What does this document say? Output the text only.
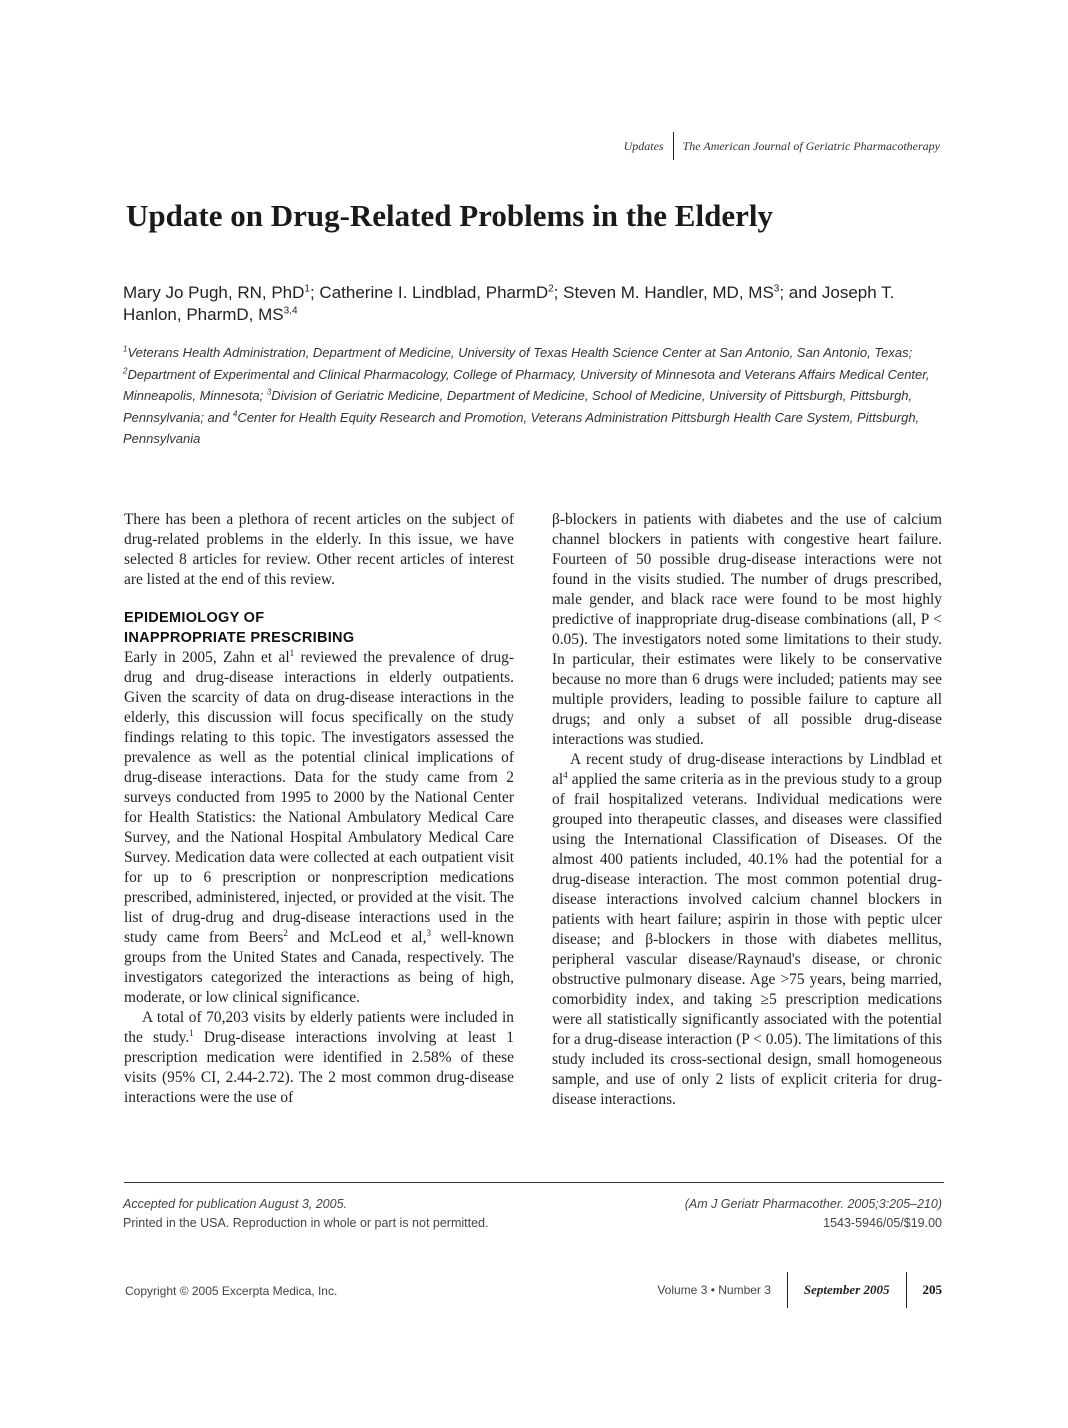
Updates The American Journal of Geriatric Pharmacotherapy
Update on Drug-Related Problems in the Elderly
Mary Jo Pugh, RN, PhD$^1$; Catherine I. Lindblad, PharmD$^2$; Steven M. Handler, MD, $MS^3$; and Joseph T. Hanlon, PharmD, MS$^{3,4}$
$^1$Veterans Health Administration, Department of Medicine, University of Texas Health Science Center at San Antonio, San Antonio, Texas; $^2$Department of Experimental and Clinical Pharmacology, College of Pharmacy, University of Minnesota and Veterans Affairs Medical Center, Minneapolis, Minnesota; $^3$Division of Geriatric Medicine, Department of Medicine, School of Medicine, University of Pittsburgh, Pittsburgh, Pennsylvania; and $^4$Center for Health Equity Research and Promotion, Veterans Administration Pittsburgh Health Care System, Pittsburgh, Pennsylvania

There has been a plethora of recent articles on the subject of drug-related problems in the elderly. In this issue, we have selected 8 articles for review. Other recent articles of interest are listed at the end of this review.

EPIDEMIOLOGY OF
INAPPROPRIATE PRESCRIBING

Early in 2005, Zahn et $al^1$ reviewed the prevalence of drug-drug and drug-disease interactions in elderly outpatients. Given the scarcity of data on drug-disease interactions in the elderly, this discussion will focus specifically on the study findings relating to this topic. The investigators assessed the prevalence as well as the potential clinical implications of drug-disease interactions. Data for the study came from 2 surveys conducted from 1995 to 2000 by the National Center for Health Statistics: the National Ambulatory Medical Care Survey, and the National Hospital Ambulatory Medical Care Survey. Medication data were collected at each outpatient visit for up to 6 prescription or nonprescription medications prescribed, administered, injected, or provided at the visit. The list of drug-drug and drug-disease interactions used in the study came from Beers$^2$ and McLeod et al,$^3$ well-known groups from the United States and Canada, respectively. The investigators categorized the interactions as being of high, moderate, or low clinical significance.

A total of 70,203 visits by elderly patients were included in the study.$^1$ Drug-disease interactions involving at least 1 prescription medication were identified in 2.58% of these visits (95% CI, 2.44-2.72). The 2 most common drug-disease interactions were the use of

β-blockers in patients with diabetes and the use of calcium channel blockers in patients with congestive heart failure. Fourteen of 50 possible drug-disease interactions were not found in the visits studied. The number of drugs prescribed, male gender, and black race were found to be most highly predictive of inappropriate drug-disease combinations (all, P < 0.05). The investigators noted some limitations to their study. In particular, their estimates were likely to be conservative because no more than 6 drugs were included; patients may see multiple providers, leading to possible failure to capture all drugs; and only a subset of all possible drug-disease interactions was studied.

A recent study of drug-disease interactions by Lindblad et $al^4$ applied the same criteria as in the previous study to a group of frail hospitalized veterans. Individual medications were grouped into therapeutic classes, and diseases were classified using the International Classification of Diseases. Of the almost 400 patients included, 40.1% had the potential for a drug-disease interaction. The most common potential drug-disease interactions involved calcium channel blockers in patients with heart failure; aspirin in those with peptic ulcer disease; and β-blockers in those with diabetes mellitus, peripheral vascular disease/Raynaud's disease, or chronic obstructive pulmonary disease. Age >75 years, being married, comorbidity index, and taking ≥5 prescription medications were all statistically significantly associated with the potential for a drug-disease interaction (P < 0.05). The limitations of this study included its cross-sectional design, small homogeneous sample, and use of only 2 lists of explicit criteria for drug-disease interactions.

Accepted for publication August 3, 2005.
Printed in the USA. Reproduction in whole or part is not permitted.
(Am J Geriatr Pharmacother. 2005;3:205–210)
1543-5946/05/$19.00
Copyright © 2005 Excerpta Medica, Inc.	Volume 3 • Number 3	September 2005	205
